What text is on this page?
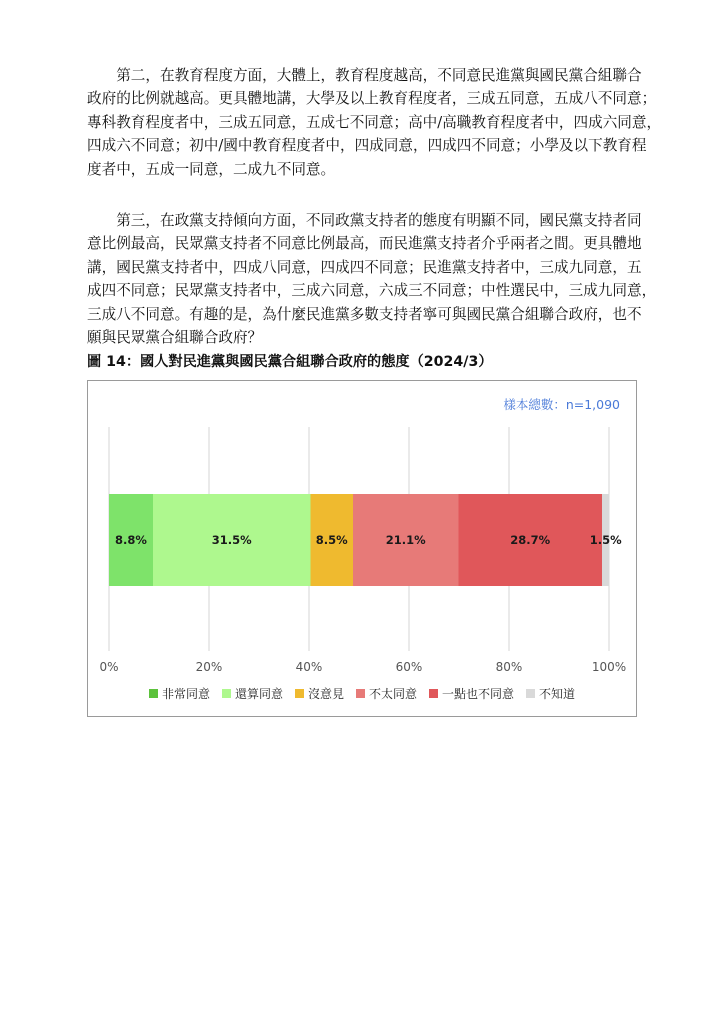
　　第二，在教育程度方面，大體上，教育程度越高，不同意民進黨與國民黨合組聯合
政府的比例就越高。更具體地講，大學及以上教育程度者，三成五同意，五成八不同意；
專科教育程度者中，三成五同意，五成七不同意；高中/高職教育程度者中，四成六同意，
四成六不同意；初中/國中教育程度者中，四成同意，四成四不同意；小學及以下教育程
度者中，五成一同意，二成九不同意。
　　第三，在政黨支持傾向方面，不同政黨支持者的態度有明顯不同，國民黨支持者同
意比例最高，民眾黨支持者不同意比例最高，而民進黨支持者介乎兩者之間。更具體地
講，國民黨支持者中，四成八同意，四成四不同意；民進黨支持者中，三成九同意，五
成四不同意；民眾黨支持者中，三成六同意，六成三不同意；中性選民中，三成九同意，
三成八不同意。有趣的是，為什麼民進黨多數支持者寧可與國民黨合組聯合政府，也不
願與民眾黨合組聯合政府？

圖 14：國人對民進黨與國民黨合組聯合政府的態度（2024/3）

樣本總數：n=1,090
0%	20%	40%	60%	80%	100%
8.8%	31.5%	8.5%	21.1%	28.7%	1.5%
非常同意 還算同意 沒意見 不太同意 一點也不同意 不知道
